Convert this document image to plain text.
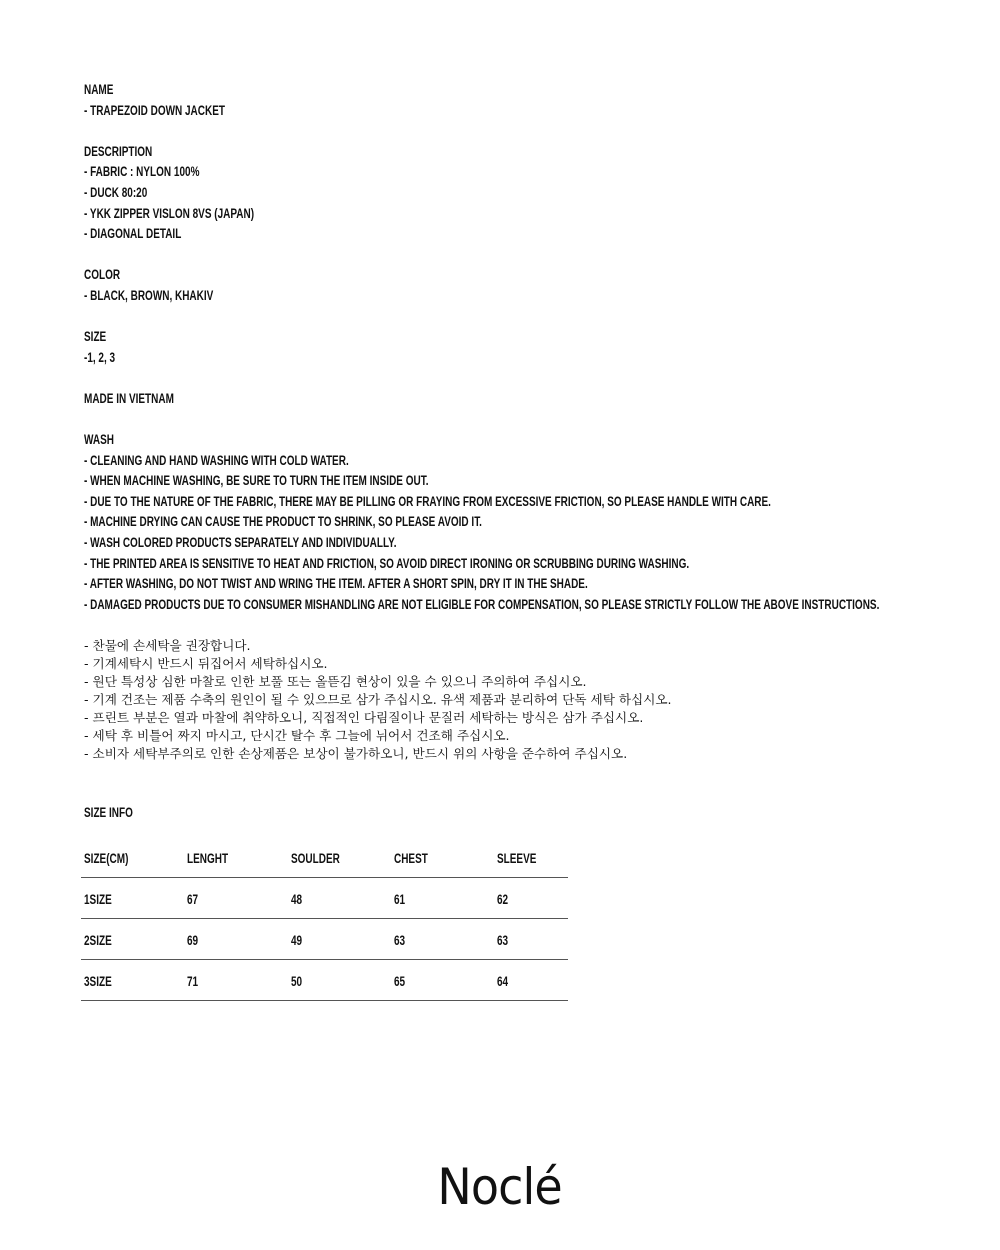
NAME
- TRAPEZOID DOWN JACKET
DESCRIPTION
- FABRIC : NYLON 100%
- DUCK 80:20
- YKK ZIPPER VISLON 8VS (JAPAN)
- DIAGONAL DETAIL
COLOR
- BLACK, BROWN, KHAKIV
SIZE
-1, 2, 3
MADE IN VIETNAM
WASH
- CLEANING AND HAND WASHING WITH COLD WATER.
- WHEN MACHINE WASHING, BE SURE TO TURN THE ITEM INSIDE OUT.
- DUE TO THE NATURE OF THE FABRIC, THERE MAY BE PILLING OR FRAYING FROM EXCESSIVE FRICTION, SO PLEASE HANDLE WITH CARE.
- MACHINE DRYING CAN CAUSE THE PRODUCT TO SHRINK, SO PLEASE AVOID IT.
- WASH COLORED PRODUCTS SEPARATELY AND INDIVIDUALLY.
- THE PRINTED AREA IS SENSITIVE TO HEAT AND FRICTION, SO AVOID DIRECT IRONING OR SCRUBBING DURING WASHING.
- AFTER WASHING, DO NOT TWIST AND WRING THE ITEM. AFTER A SHORT SPIN, DRY IT IN THE SHADE.
- DAMAGED PRODUCTS DUE TO CONSUMER MISHANDLING ARE NOT ELIGIBLE FOR COMPENSATION, SO PLEASE STRICTLY FOLLOW THE ABOVE INSTRUCTIONS.
- 찬물에 손세탁을 권장합니다.
- 기계세탁시 반드시 뒤집어서 세탁하십시오.
- 원단 특성상 심한 마찰로 인한 보풀 또는 올뜯김 현상이 있을 수 있으니 주의하여 주십시오.
- 기계 건조는 제품 수축의 원인이 될 수 있으므로 삼가 주십시오. 유색 제품과 분리하여 단독 세탁 하십시오.
- 프린트 부분은 열과 마찰에 취약하오니, 직접적인 다림질이나 문질러 세탁하는 방식은 삼가 주십시오.
- 세탁 후 비틀어 짜지 마시고, 단시간 탈수 후 그늘에 뉘어서 건조해 주십시오.
- 소비자 세탁부주의로 인한 손상제품은 보상이 불가하오니, 반드시 위의 사항을 준수하여 주십시오.
SIZE INFO
SIZE(CM)	LENGHT	SOULDER	CHEST	SLEEVE
1SIZE	67	48	61	62
2SIZE	69	49	63	63
3SIZE	71	50	65	64
Noclé
